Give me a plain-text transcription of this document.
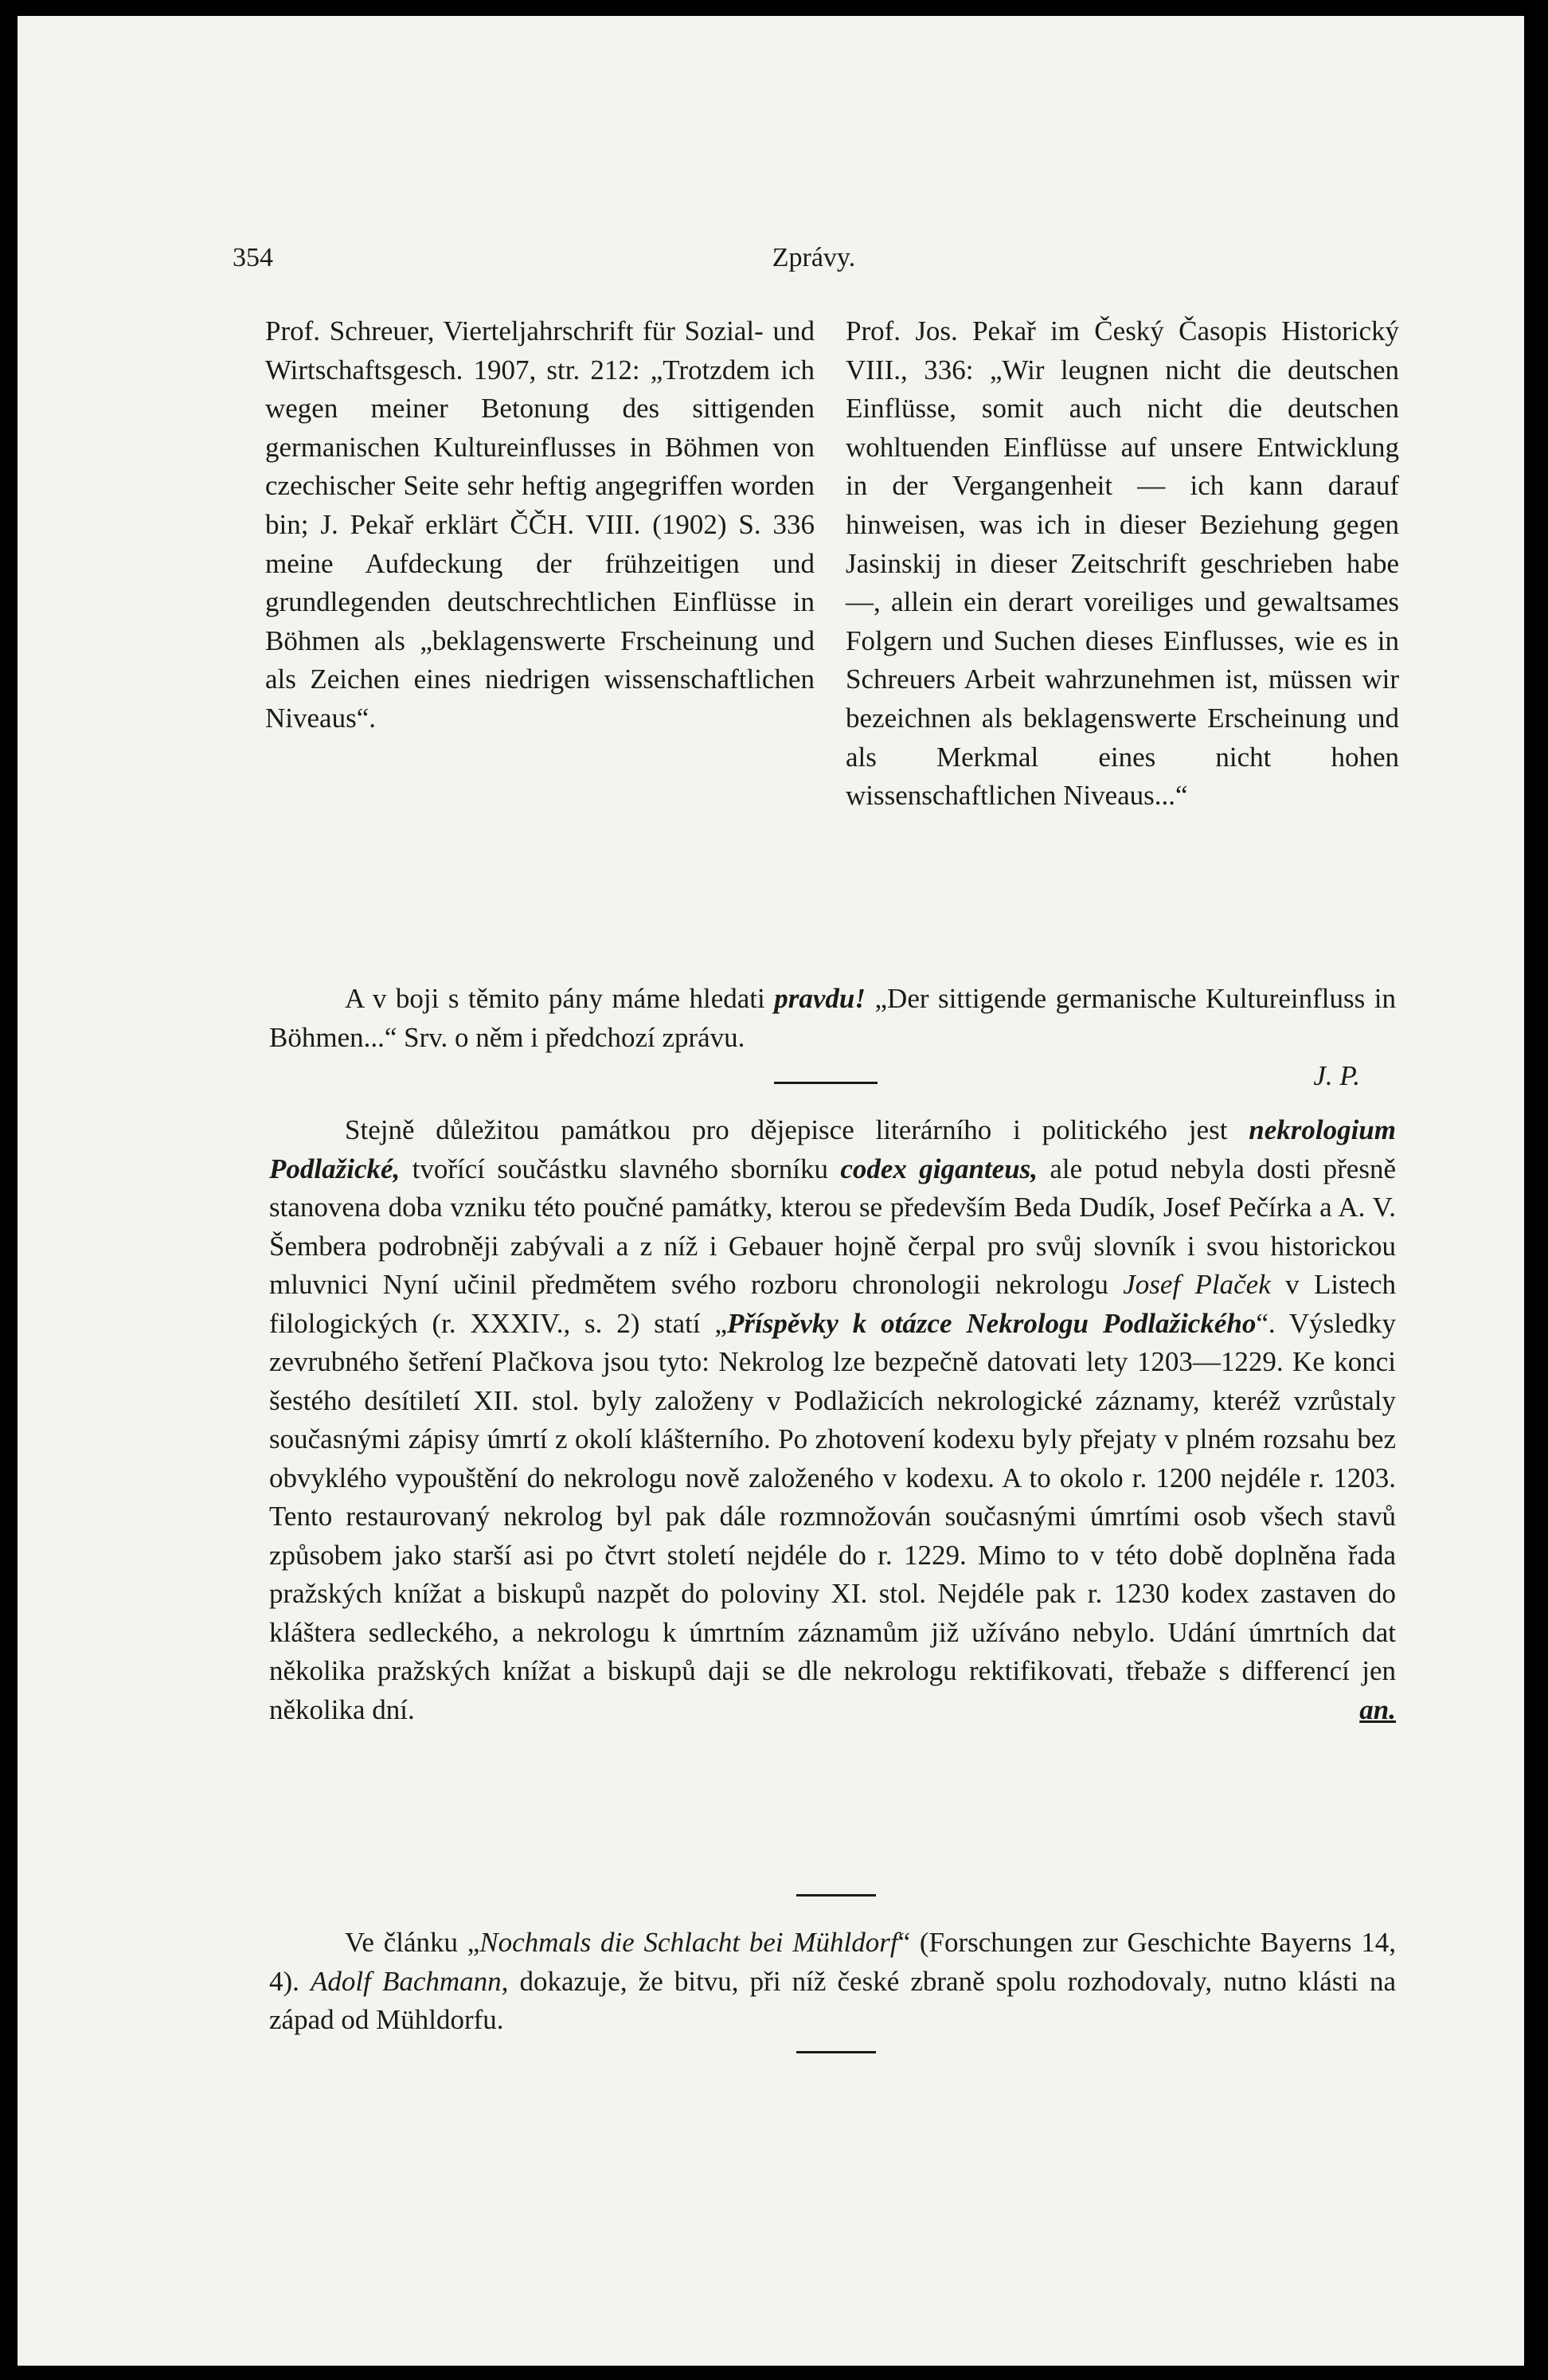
354	Zprávy.

Prof. Schreuer, Vierteljahrschrift für Sozial- und Wirtschaftsgesch. 1907, str. 212: „Trotzdem ich wegen meiner Betonung des sittigenden germanischen Kultureinflusses in Böhmen von czechischer Seite sehr heftig angegriffen worden bin; J. Pekař erklärt ČČH. VIII. (1902) S. 336 meine Aufdeckung der frühzeitigen und grundlegenden deutschrechtlichen Einflüsse in Böhmen als „beklagenswerte Frscheinung und als Zeichen eines niedrigen wissenschaftlichen Niveaus“.

Prof. Jos. Pekař im Český Časopis Historický VIII., 336: „Wir leugnen nicht die deutschen Einflüsse, somit auch nicht die deutschen wohltuenden Einflüsse auf unsere Entwicklung in der Vergangenheit — ich kann darauf hinweisen, was ich in dieser Beziehung gegen Jasinskij in dieser Zeitschrift geschrieben habe —, allein ein derart voreiliges und gewaltsames Folgern und Suchen dieses Einflusses, wie es in Schreuers Arbeit wahrzunehmen ist, müssen wir bezeichnen als beklagenswerte Erscheinung und als Merkmal eines nicht hohen wissenschaftlichen Niveaus...“

A v boji s těmito pány máme hledati pravdu! „Der sittigende germanische Kultureinfluss in Böhmen...“ Srv. o něm i předchozí zprávu.

J. P.

Stejně důležitou památkou pro dějepisce literárního i politického jest nekrologium Podlažické, tvořící součástku slavného sborníku codex giganteus, ale potud nebyla dosti přesně stanovena doba vzniku této poučné památky, kterou se především Beda Dudík, Josef Pečírka a A. V. Šembera podrobněji zabývali a z níž i Gebauer hojně čerpal pro svůj slovník i svou historickou mluvnici Nyní učinil předmětem svého rozboru chronologii nekrologu Josef Plaček v Listech filologických (r. XXXIV., s. 2) statí „Příspěvky k otázce Nekrologu Podlažického“. Výsledky zevrubného šetření Plačkova jsou tyto: Nekrolog lze bezpečně datovati lety 1203—1229. Ke konci šestého desítiletí XII. stol. byly založeny v Podlažicích nekrologické záznamy, kteréž vzrůstaly současnými zápisy úmrtí z okolí klášterního. Po zhotovení kodexu byly přejaty v plném rozsahu bez obvyklého vypouštění do nekrologu nově založeného v kodexu. A to okolo r. 1200 nejdéle r. 1203. Tento restaurovaný nekrolog byl pak dále rozmnožován současnými úmrtími osob všech stavů způsobem jako starší asi po čtvrt století nejdéle do r. 1229. Mimo to v této době doplněna řada pražských knížat a biskupů nazpět do poloviny XI. stol. Nejdéle pak r. 1230 kodex zastaven do kláštera sedleckého, a nekrologu k úmrtním záznamům již užíváno nebylo. Udání úmrtních dat několika pražských knížat a biskupů daji se dle nekrologu rektifikovati, třebaže s differencí jen několika dní.	an.

Ve článku „Nochmals die Schlacht bei Mühldorf“ (Forschungen zur Geschichte Bayerns 14, 4). Adolf Bachmann, dokazuje, že bitvu, při níž české zbraně spolu rozhodovaly, nutno klásti na západ od Mühldorfu.
